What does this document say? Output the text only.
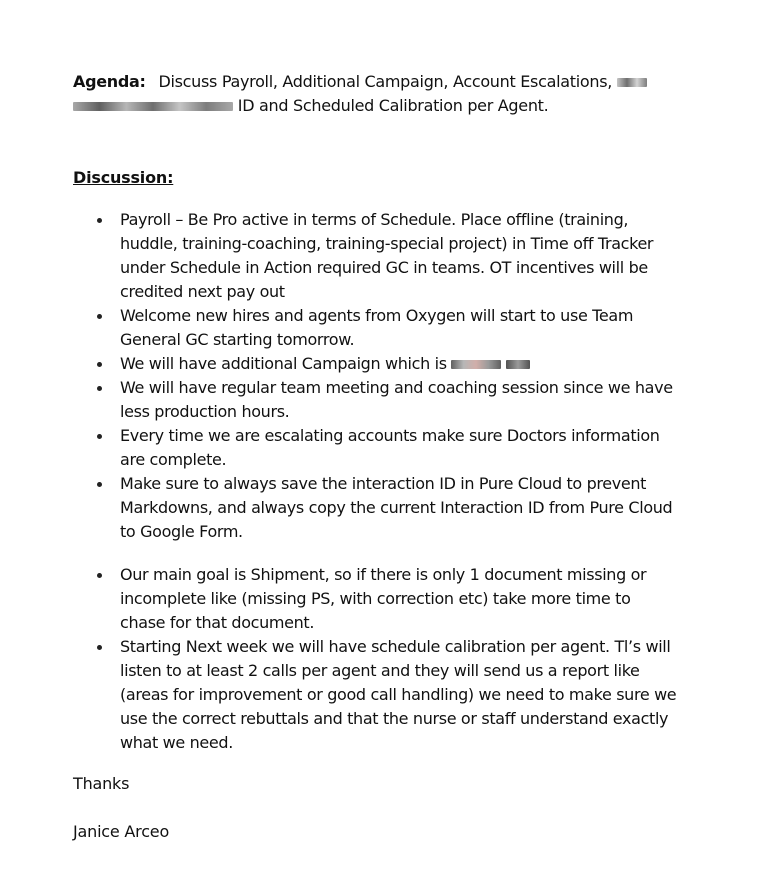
Agenda: Discuss Payroll, Additional Campaign, Account Escalations,
ID and Scheduled Calibration per Agent.
Discussion:
Payroll – Be Pro active in terms of Schedule. Place offline (training, huddle, training-coaching, training-special project) in Time off Tracker under Schedule in Action required GC in teams. OT incentives will be credited next pay out
Welcome new hires and agents from Oxygen will start to use Team General GC starting tomorrow.
We will have additional Campaign which is
We will have regular team meeting and coaching session since we have less production hours.
Every time we are escalating accounts make sure Doctors information are complete.
Make sure to always save the interaction ID in Pure Cloud to prevent Markdowns, and always copy the current Interaction ID from Pure Cloud to Google Form.
Our main goal is Shipment, so if there is only 1 document missing or incomplete like (missing PS, with correction etc) take more time to chase for that document.
Starting Next week we will have schedule calibration per agent. Tl’s will listen to at least 2 calls per agent and they will send us a report like (areas for improvement or good call handling) we need to make sure we use the correct rebuttals and that the nurse or staff understand exactly what we need.
Thanks
Janice Arceo
